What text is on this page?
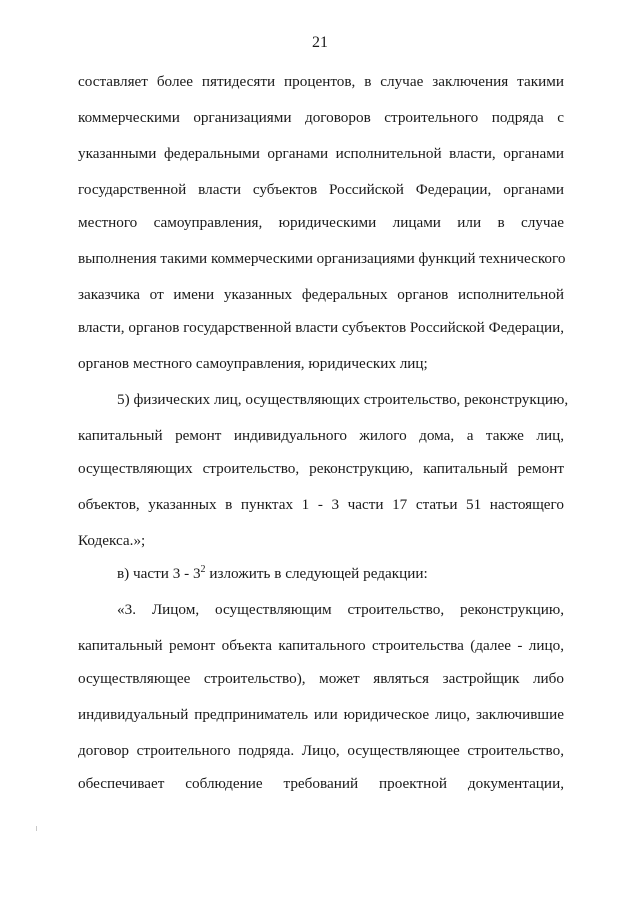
21
составляет более пятидесяти процентов, в случае заключения такими
коммерческими организациями договоров строительного подряда с
указанными федеральными органами исполнительной власти, органами
государственной власти субъектов Российской Федерации, органами
местного самоуправления, юридическими лицами или в случае
выполнения такими коммерческими организациями функций технического
заказчика от имени указанных федеральных органов исполнительной
власти, органов государственной власти субъектов Российской Федерации,
органов местного самоуправления, юридических лиц;
5) физических лиц, осуществляющих строительство, реконструкцию,
капитальный ремонт индивидуального жилого дома, а также лиц,
осуществляющих строительство, реконструкцию, капитальный ремонт
объектов, указанных в пунктах 1 - 3 части 17 статьи 51 настоящего
Кодекса.»;
в) части $3 - 3^2$ изложить в следующей редакции:
«3. Лицом, осуществляющим строительство, реконструкцию,
капитальный ремонт объекта капитального строительства (далее - лицо,
осуществляющее строительство), может являться застройщик либо
индивидуальный предприниматель или юридическое лицо, заключившие
договор строительного подряда. Лицо, осуществляющее строительство,
обеспечивает соблюдение требований проектной документации,
